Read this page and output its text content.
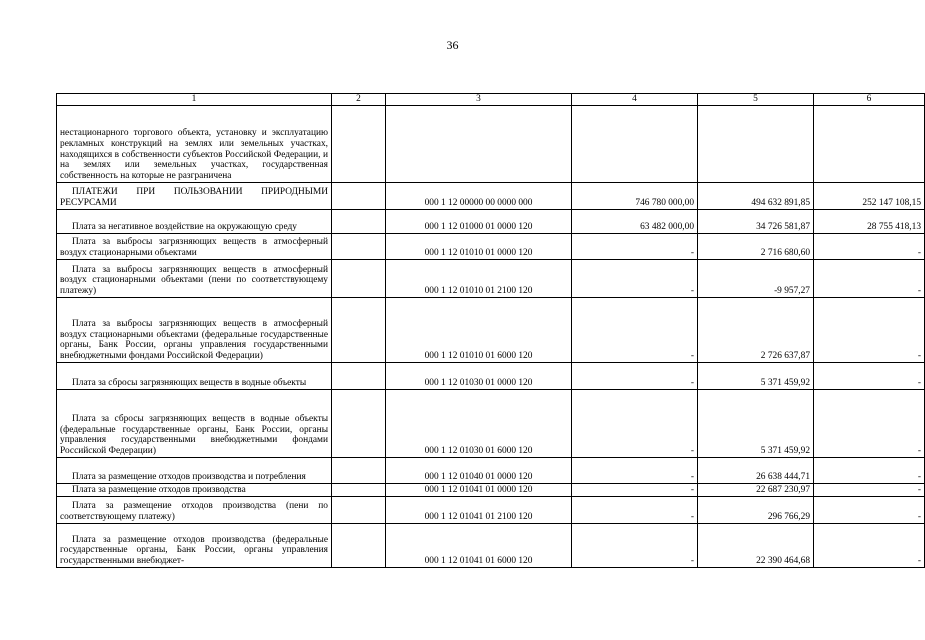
36
1	2	3	4	5	6
нестационарного торгового объекта, установку и эксплуатацию рекламных конструкций на землях или земельных участках, находящихся в собственности субъектов Российской Федерации, и на землях или земельных участках, государственная собственность на которые не разграничена					
ПЛАТЕЖИ ПРИ ПОЛЬЗОВАНИИ ПРИРОДНЫМИ РЕСУРСАМИ		000 1 12 00000 00 0000 000	746 780 000,00	494 632 891,85	252 147 108,15
Плата за негативное воздействие на окружающую среду		000 1 12 01000 01 0000 120	63 482 000,00	34 726 581,87	28 755 418,13
Плата за выбросы загрязняющих веществ в атмосферный воздух стационарными объектами		000 1 12 01010 01 0000 120	-	2 716 680,60	-
Плата за выбросы загрязняющих веществ в атмосферный воздух стационарными объектами (пени по соответствующему платежу)		000 1 12 01010 01 2100 120	-	-9 957,27	-
Плата за выбросы загрязняющих веществ в атмосферный воздух стационарными объектами (федеральные государственные органы, Банк России, органы управления государственными внебюджетными фондами Российской Федерации)		000 1 12 01010 01 6000 120	-	2 726 637,87	-
Плата за сбросы загрязняющих веществ в водные объекты		000 1 12 01030 01 0000 120	-	5 371 459,92	-
Плата за сбросы загрязняющих веществ в водные объекты (федеральные государственные органы, Банк России, органы управления государственными внебюджетными фондами Российской Федерации)		000 1 12 01030 01 6000 120	-	5 371 459,92	-
Плата за размещение отходов производства и потребления		000 1 12 01040 01 0000 120	-	26 638 444,71	-
Плата за размещение отходов производства		000 1 12 01041 01 0000 120	-	22 687 230,97	-
Плата за размещение отходов производства (пени по соответствующему платежу)		000 1 12 01041 01 2100 120	-	296 766,29	-
Плата за размещение отходов производства (федеральные государственные органы, Банк России, органы управления государственными внебюджет-		000 1 12 01041 01 6000 120	-	22 390 464,68	-
